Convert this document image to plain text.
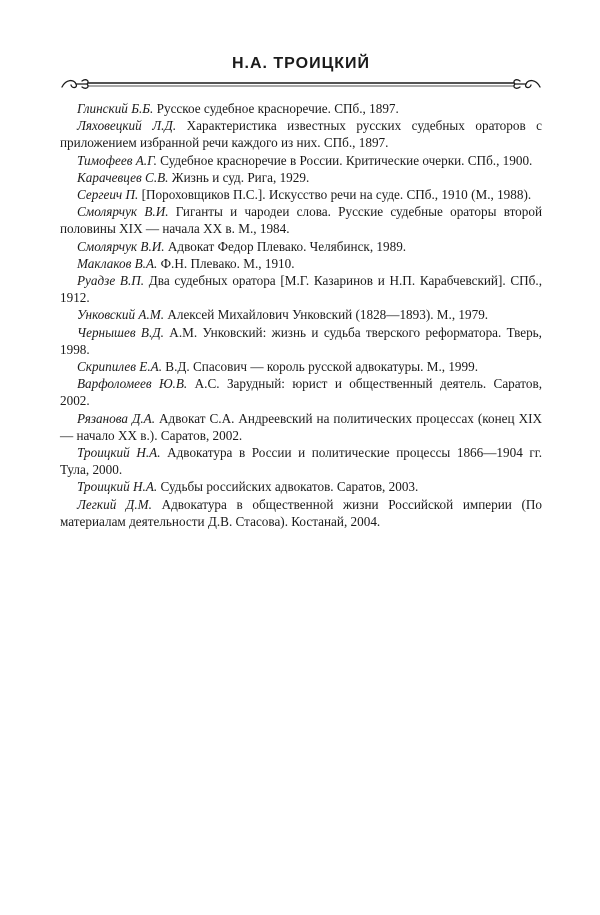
Н.А. ТРОИЦКИЙ

Глинский Б.Б. Русское судебное красноречие. СПб., 1897.

Ляховецкий Л.Д. Характеристика известных русских судебных ораторов с приложением избранной речи каждого из них. СПб., 1897.

Тимофеев А.Г. Судебное красноречие в России. Критические очерки. СПб., 1900.

Карачевцев С.В. Жизнь и суд. Рига, 1929.

Сергеич П. [Пороховщиков П.С.]. Искусство речи на суде. СПб., 1910 (М., 1988).

Смолярчук В.И. Гиганты и чародеи слова. Русские судебные ораторы второй половины XIX — начала XX в. М., 1984.

Смолярчук В.И. Адвокат Федор Плевако. Челябинск, 1989.

Маклаков В.А. Ф.Н. Плевако. М., 1910.

Руадзе В.П. Два судебных оратора [М.Г. Казаринов и Н.П. Карабчевский]. СПб., 1912.

Унковский А.М. Алексей Михайлович Унковский (1828—1893). М., 1979.

Чернышев В.Д. А.М. Унковский: жизнь и судьба тверского реформатора. Тверь, 1998.

Скрипилев Е.А. В.Д. Спасович — король русской адвокатуры. М., 1999.

Варфоломеев Ю.В. А.С. Зарудный: юрист и общественный деятель. Саратов, 2002.

Рязанова Д.А. Адвокат С.А. Андреевский на политических процессах (конец XIX — начало XX в.). Саратов, 2002.

Троицкий Н.А. Адвокатура в России и политические процессы 1866—1904 гг. Тула, 2000.

Троицкий Н.А. Судьбы российских адвокатов. Саратов, 2003.

Легкий Д.М. Адвокатура в общественной жизни Российской империи (По материалам деятельности Д.В. Стасова). Костанай, 2004.
